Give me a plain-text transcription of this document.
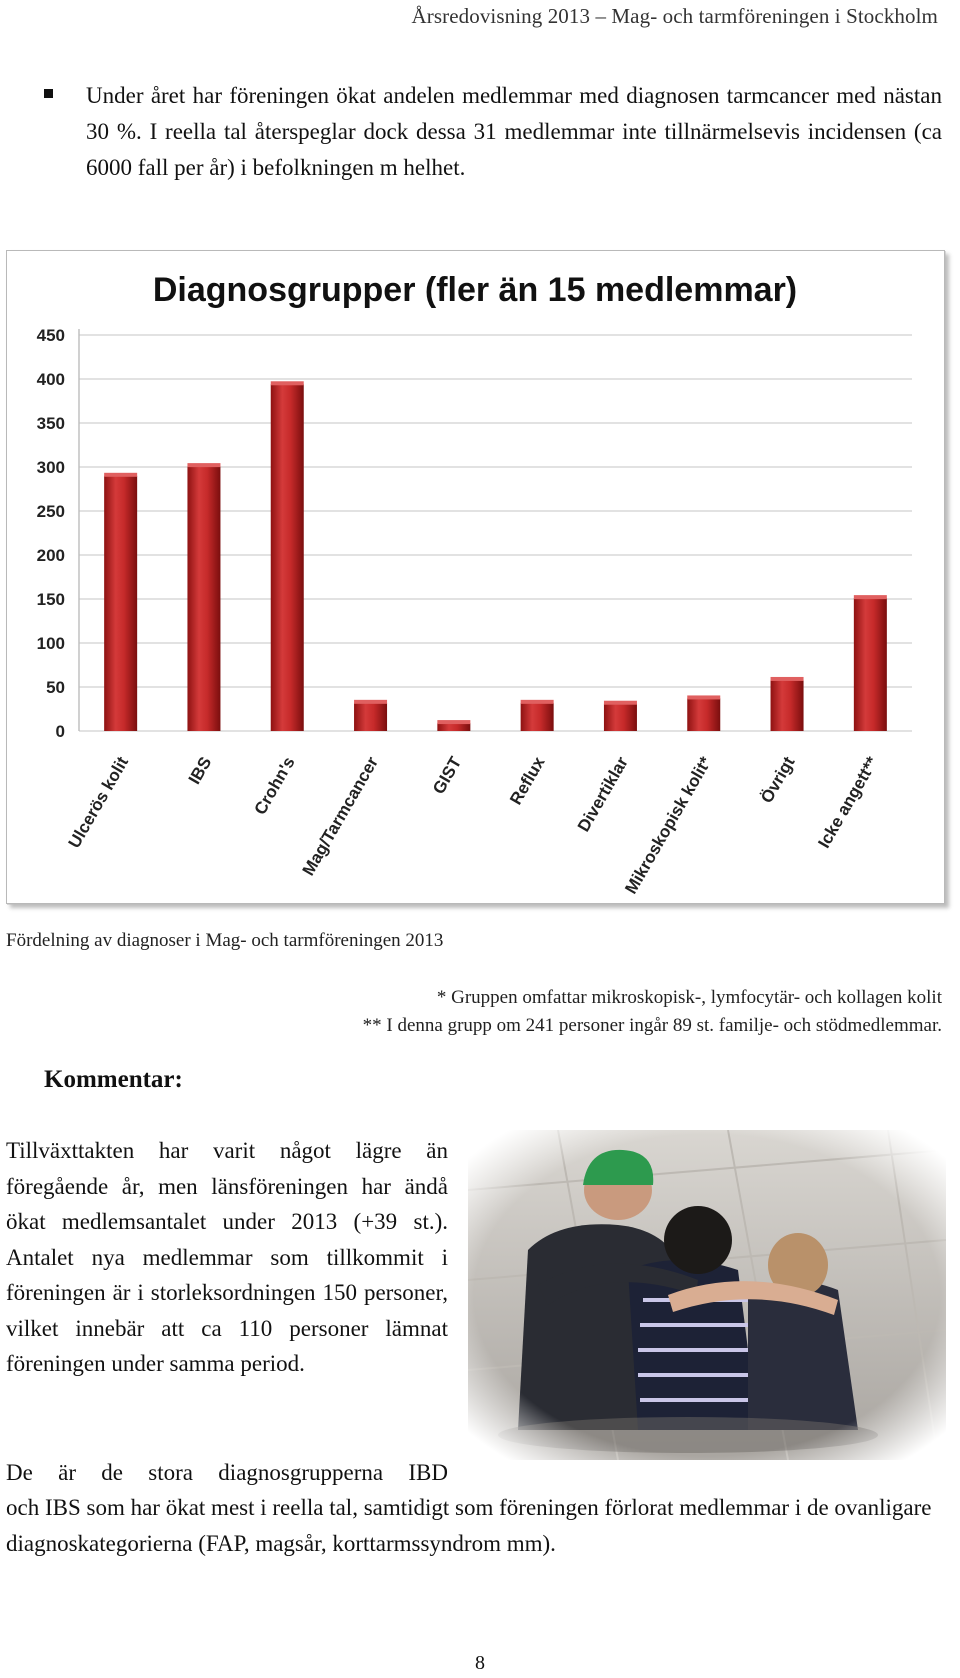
Årsredovisning 2013 – Mag- och tarmföreningen i Stockholm
Under året har föreningen ökat andelen medlemmar med diagnosen tarmcancer med nästan 30 %. I reella tal återspeglar dock dessa 31 medlemmar inte tillnärmelsevis incidensen (ca 6000 fall per år) i befolkningen m helhet.
Diagnosgrupper (fler än 15 medlemmar)
0
50
100
150
200
250
300
350
400
450
Ulcerös kolit	IBS Crohn's Mag/Tarmcancer	GIST Reflux Divertiklar
Mikroskopisk kolit* Övrigt Icke angett**
Fördelning av diagnoser i Mag- och tarmföreningen 2013
* Gruppen omfattar mikroskopisk-, lymfocytär- och kollagen kolit
** I denna grupp om 241 personer ingår 89 st. familje- och stödmedlemmar.
Kommentar:
Tillväxttakten har varit något lägre än föregående år, men länsföreningen har ändå ökat medlemsantalet under 2013 (+39 st.). Antalet nya medlemmar som tillkommit i föreningen är i storleksordningen 150 personer, vilket innebär att ca 110 personer lämnat föreningen under samma period.
De är de stora diagnosgrupperna IBD
och IBS som har ökat mest i reella tal, samtidigt som föreningen förlorat medlemmar i de ovanligare diagnoskategorierna (FAP, magsår, korttarmssyndrom mm).
8
